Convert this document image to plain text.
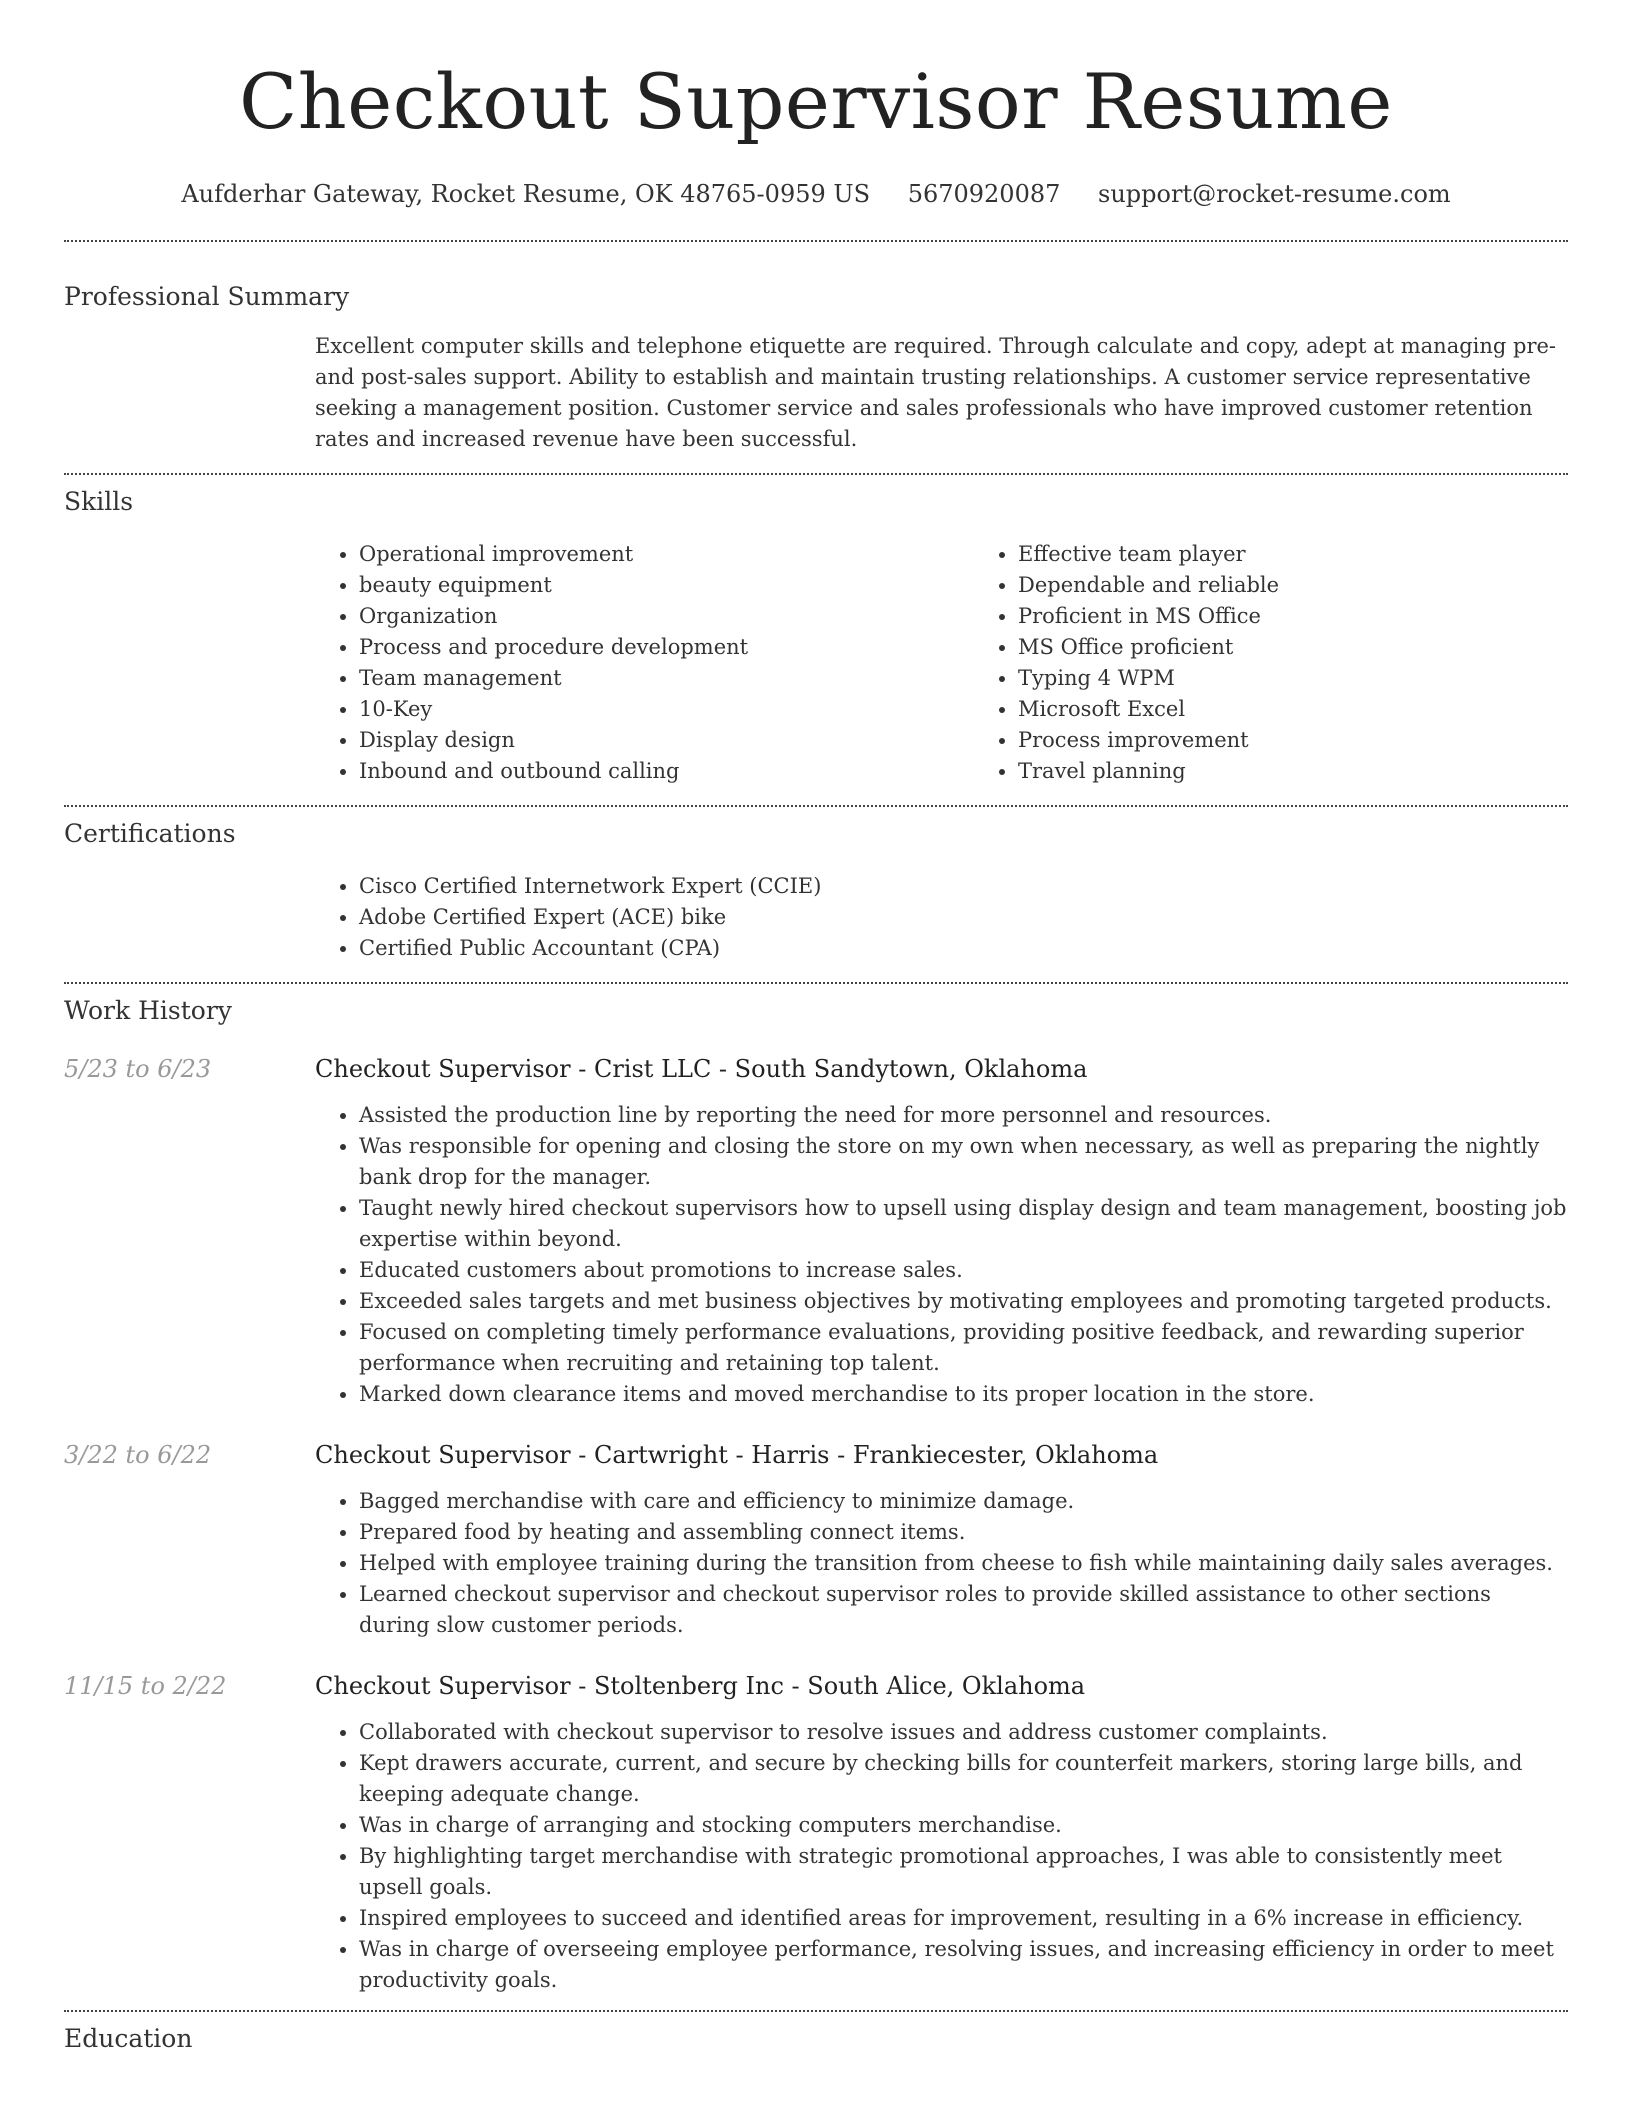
Checkout Supervisor Resume
Aufderhar Gateway, Rocket Resume, OK 48765-0959 US 5670920087 support@rocket-resume.com
Professional Summary

Excellent computer skills and telephone etiquette are required. Through calculate and copy, adept at managing pre- and post-sales support. Ability to establish and maintain trusting relationships. A customer service representative seeking a management position. Customer service and sales professionals who have improved customer retention rates and increased revenue have been successful.

Skills
• Operational improvement
• beauty equipment
• Organization
• Process and procedure development
• Team management
• 10-Key
• Display design
• Inbound and outbound calling
• Effective team player
• Dependable and reliable
• Proficient in MS Office
• MS Office proficient
• Typing 4 WPM
• Microsoft Excel
• Process improvement
• Travel planning
Certifications
• Cisco Certified Internetwork Expert (CCIE)
• Adobe Certified Expert (ACE) bike
• Certified Public Accountant (CPA)
Work History
5/23 to 6/23	Checkout Supervisor - Crist LLC - South Sandytown, Oklahoma
• Assisted the production line by reporting the need for more personnel and resources.
• Was responsible for opening and closing the store on my own when necessary, as well as preparing the nightly bank drop for the manager.
• Taught newly hired checkout supervisors how to upsell using display design and team management, boosting job expertise within beyond.
• Educated customers about promotions to increase sales.
• Exceeded sales targets and met business objectives by motivating employees and promoting targeted products.
• Focused on completing timely performance evaluations, providing positive feedback, and rewarding superior performance when recruiting and retaining top talent.
• Marked down clearance items and moved merchandise to its proper location in the store.
3/22 to 6/22	Checkout Supervisor - Cartwright - Harris - Frankiecester, Oklahoma
• Bagged merchandise with care and efficiency to minimize damage.
• Prepared food by heating and assembling connect items.
• Helped with employee training during the transition from cheese to fish while maintaining daily sales averages.
• Learned checkout supervisor and checkout supervisor roles to provide skilled assistance to other sections during slow customer periods.
11/15 to 2/22	Checkout Supervisor - Stoltenberg Inc - South Alice, Oklahoma
• Collaborated with checkout supervisor to resolve issues and address customer complaints.
• Kept drawers accurate, current, and secure by checking bills for counterfeit markers, storing large bills, and keeping adequate change.
• Was in charge of arranging and stocking computers merchandise.
• By highlighting target merchandise with strategic promotional approaches, I was able to consistently meet upsell goals.
• Inspired employees to succeed and identified areas for improvement, resulting in a 6% increase in efficiency.
• Was in charge of overseeing employee performance, resolving issues, and increasing efficiency in order to meet productivity goals.
Education
